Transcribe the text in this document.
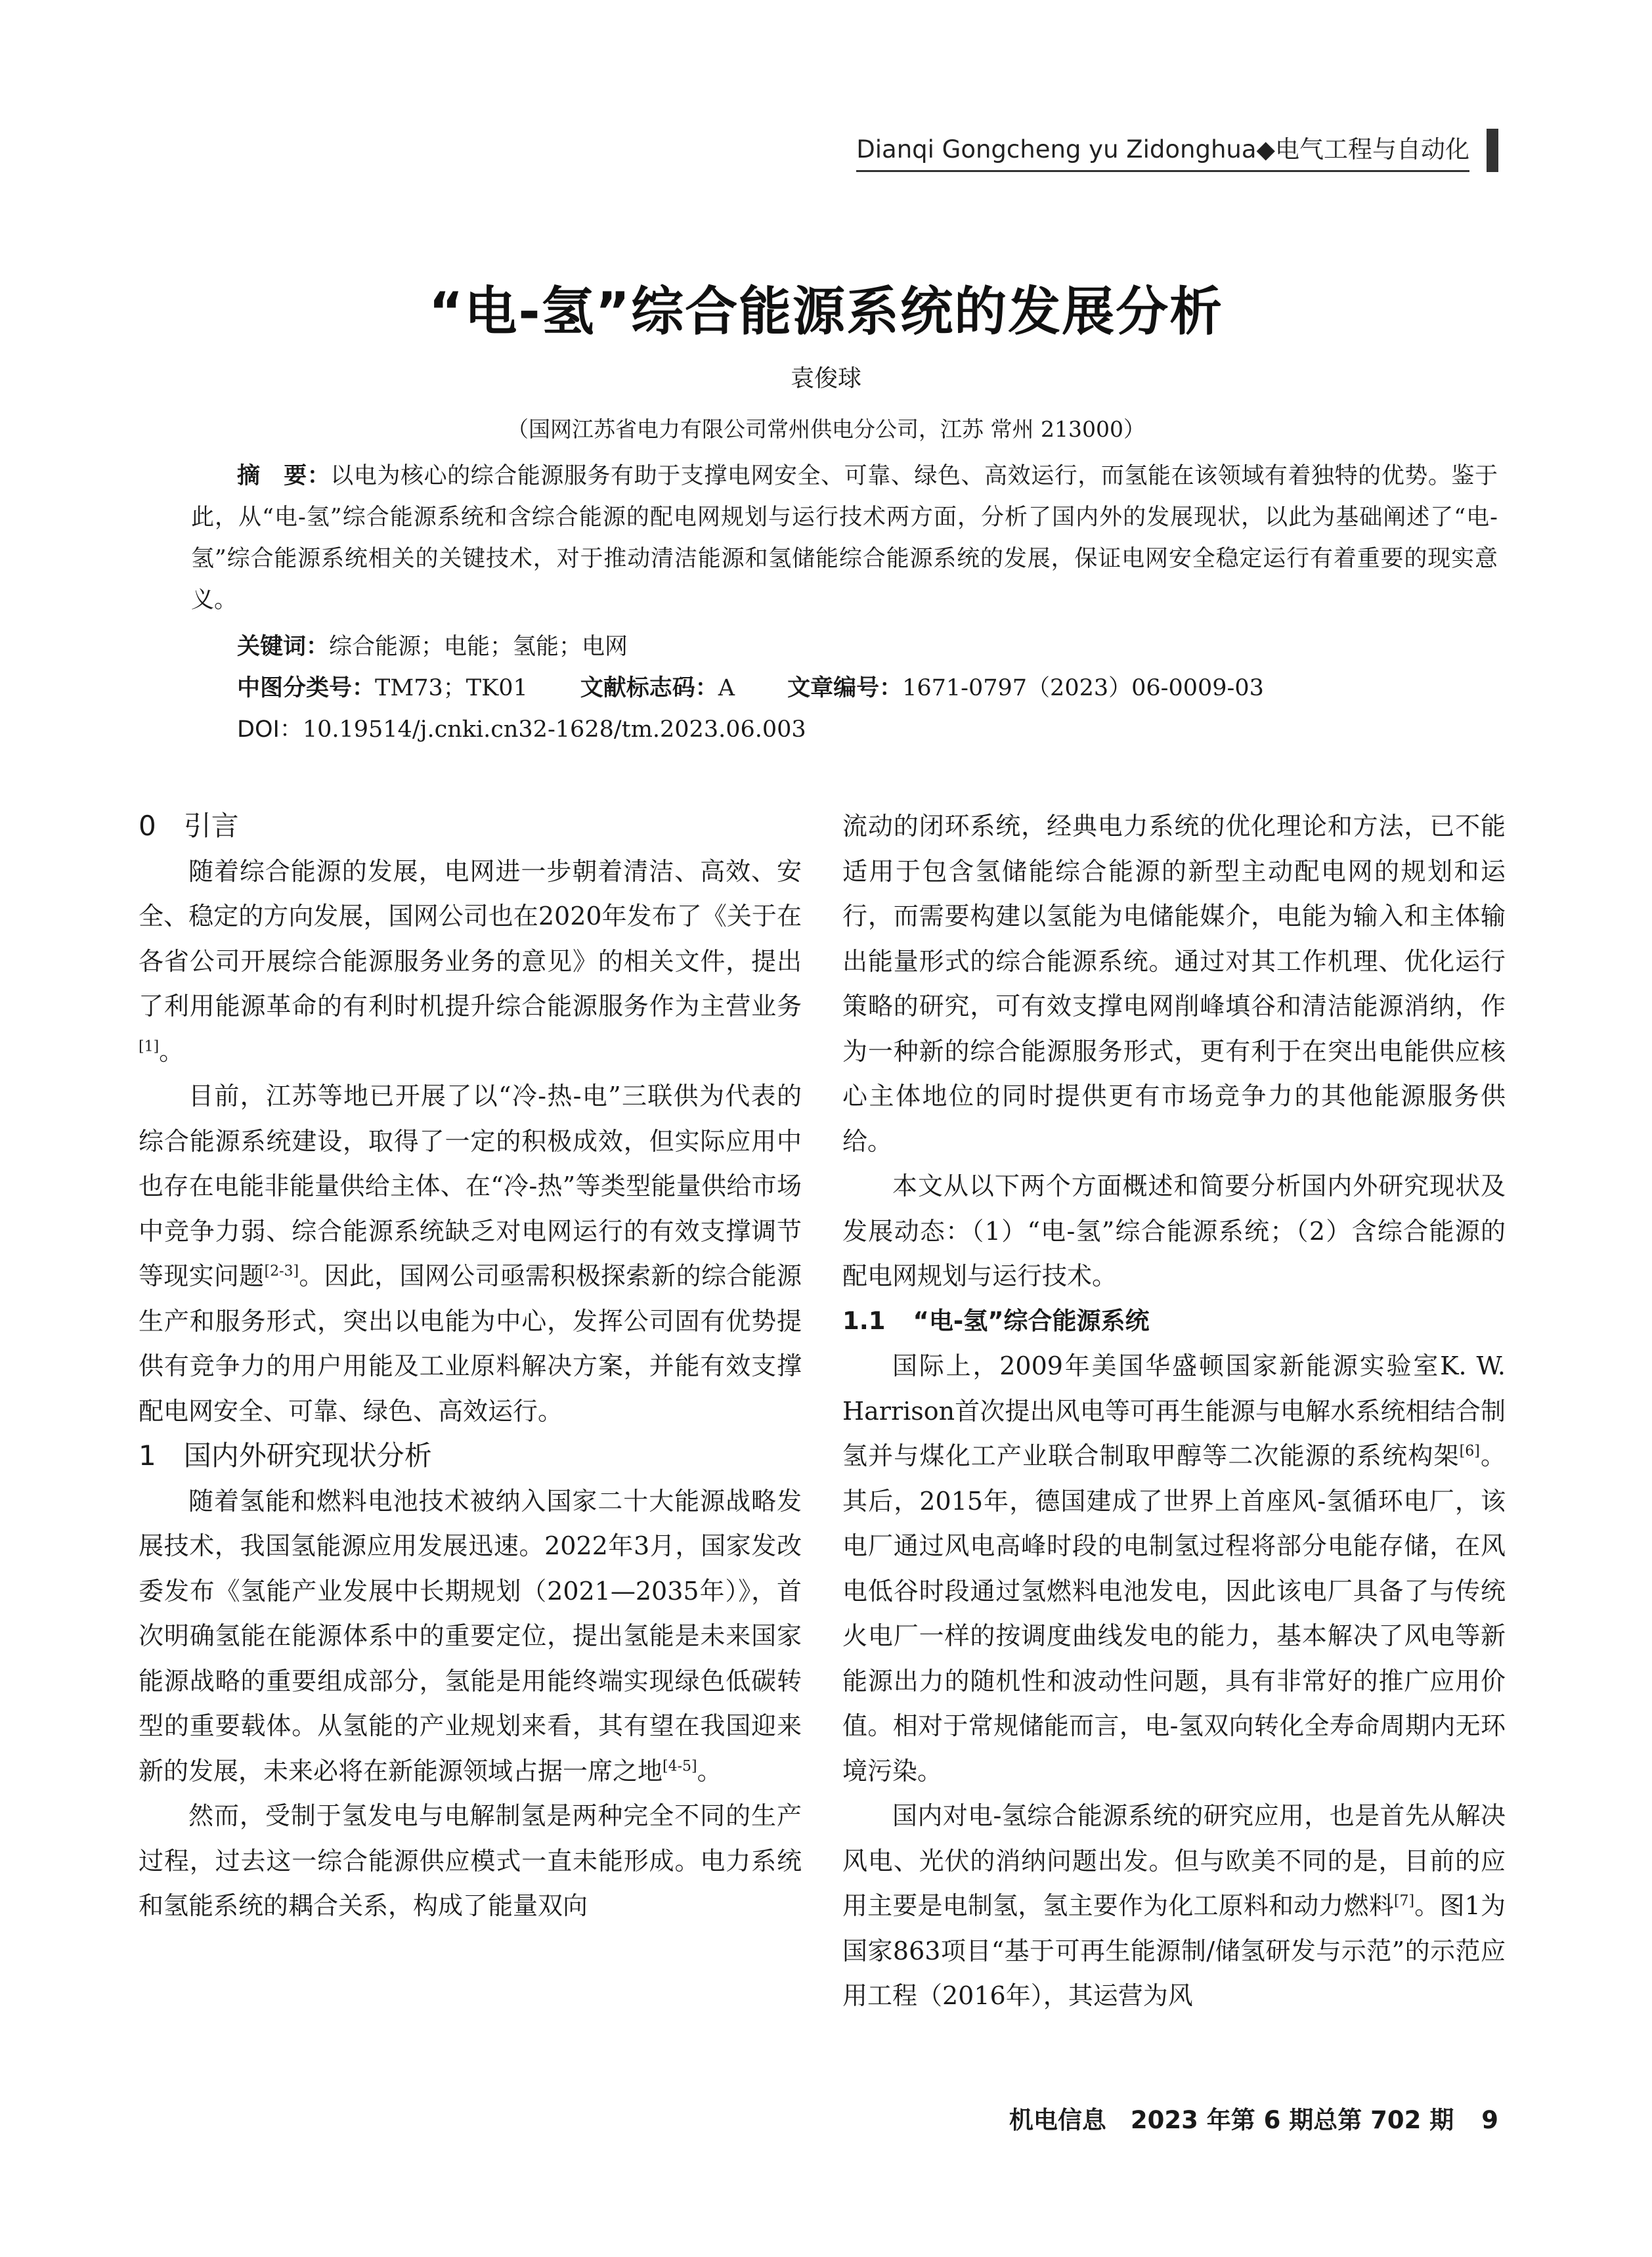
Dianqi Gongcheng yu Zidonghua◆电气工程与自动化
“电-氢”综合能源系统的发展分析
袁俊球
（国网江苏省电力有限公司常州供电分公司，江苏 常州 213000）
摘　要：以电为核心的综合能源服务有助于支撑电网安全、可靠、绿色、高效运行，而氢能在该领域有着独特的优势。鉴于此，从“电-氢”综合能源系统和含综合能源的配电网规划与运行技术两方面，分析了国内外的发展现状，以此为基础阐述了“电-氢”综合能源系统相关的关键技术，对于推动清洁能源和氢储能综合能源系统的发展，保证电网安全稳定运行有着重要的现实意义。
关键词：综合能源；电能；氢能；电网
中图分类号：TM73；TK01 文献标志码：A 文章编号：1671-0797（2023）06-0009-03
DOI：10.19514/j.cnki.cn32-1628/tm.2023.06.003
0 引言

随着综合能源的发展，电网进一步朝着清洁、高效、安全、稳定的方向发展，国网公司也在2020年发布了《关于在各省公司开展综合能源服务业务的意见》的相关文件，提出了利用能源革命的有利时机提升综合能源服务作为主营业务[1]。

目前，江苏等地已开展了以“冷-热-电”三联供为代表的综合能源系统建设，取得了一定的积极成效，但实际应用中也存在电能非能量供给主体、在“冷-热”等类型能量供给市场中竞争力弱、综合能源系统缺乏对电网运行的有效支撑调节等现实问题[2-3]。因此，国网公司亟需积极探索新的综合能源生产和服务形式，突出以电能为中心，发挥公司固有优势提供有竞争力的用户用能及工业原料解决方案，并能有效支撑配电网安全、可靠、绿色、高效运行。

1 国内外研究现状分析

随着氢能和燃料电池技术被纳入国家二十大能源战略发展技术，我国氢能源应用发展迅速。2022年3月，国家发改委发布《氢能产业发展中长期规划（2021—2035年）》，首次明确氢能在能源体系中的重要定位，提出氢能是未来国家能源战略的重要组成部分，氢能是用能终端实现绿色低碳转型的重要载体。从氢能的产业规划来看，其有望在我国迎来新的发展，未来必将在新能源领域占据一席之地[4-5]。

然而，受制于氢发电与电解制氢是两种完全不同的生产过程，过去这一综合能源供应模式一直未能形成。电力系统和氢能系统的耦合关系，构成了能量双向

流动的闭环系统，经典电力系统的优化理论和方法，已不能适用于包含氢储能综合能源的新型主动配电网的规划和运行，而需要构建以氢能为电储能媒介，电能为输入和主体输出能量形式的综合能源系统。通过对其工作机理、优化运行策略的研究，可有效支撑电网削峰填谷和清洁能源消纳，作为一种新的综合能源服务形式，更有利于在突出电能供应核心主体地位的同时提供更有市场竞争力的其他能源服务供给。

本文从以下两个方面概述和简要分析国内外研究现状及发展动态：（1）“电-氢”综合能源系统；（2）含综合能源的配电网规划与运行技术。

1.1 “电-氢”综合能源系统

国际上，2009年美国华盛顿国家新能源实验室K. W. Harrison首次提出风电等可再生能源与电解水系统相结合制氢并与煤化工产业联合制取甲醇等二次能源的系统构架[6]。其后，2015年，德国建成了世界上首座风-氢循环电厂，该电厂通过风电高峰时段的电制氢过程将部分电能存储，在风电低谷时段通过氢燃料电池发电，因此该电厂具备了与传统火电厂一样的按调度曲线发电的能力，基本解决了风电等新能源出力的随机性和波动性问题，具有非常好的推广应用价值。相对于常规储能而言，电-氢双向转化全寿命周期内无环境污染。

国内对电-氢综合能源系统的研究应用，也是首先从解决风电、光伏的消纳问题出发。但与欧美不同的是，目前的应用主要是电制氢，氢主要作为化工原料和动力燃料[7]。图1为国家863项目“基于可再生能源制/储氢研发与示范”的示范应用工程（2016年），其运营为风

机电信息　2023 年第 6 期总第 702 期 9
